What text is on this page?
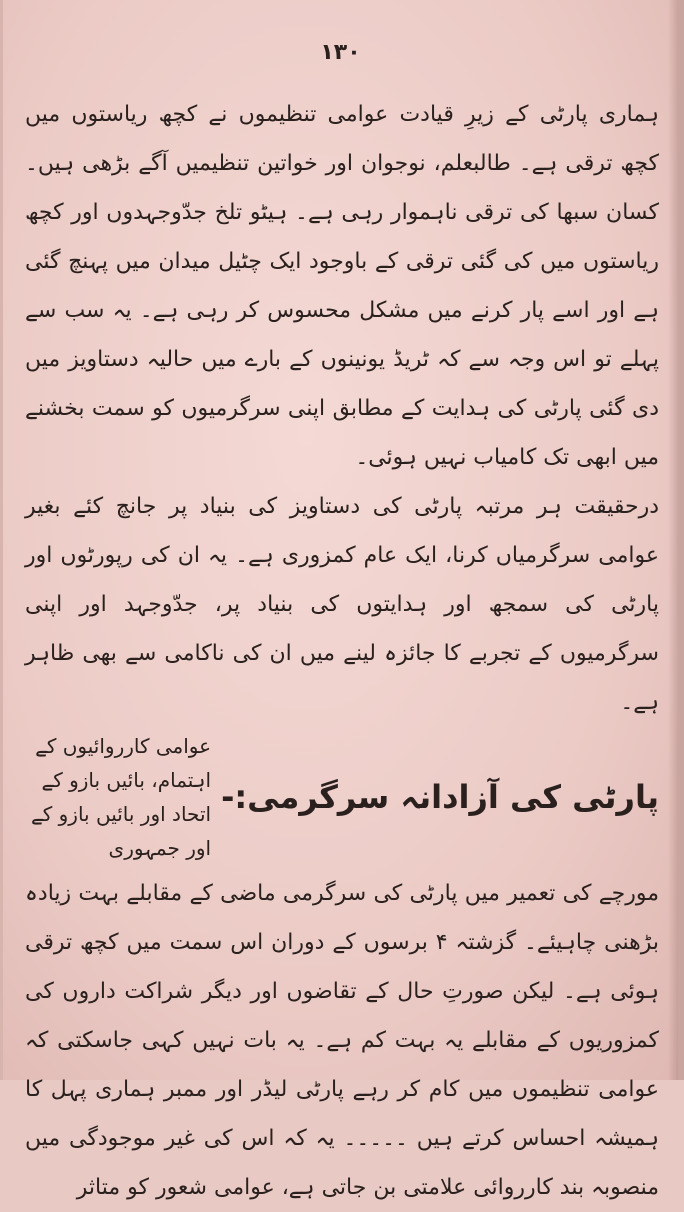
١٣٠

ہماری پارٹی کے زیرِ قیادت عوامی تنظیموں نے کچھ ریاستوں میں کچھ ترقی ہے۔ طالبعلم، نوجوان اور خواتین تنظیمیں آگے بڑھی ہیں۔ کسان سبھا کی ترقی ناہموار رہی ہے۔ ہیٹو تلخ جدّوجہدوں اور کچھ ریاستوں میں کی گئی ترقی کے باوجود ایک چٹیل میدان میں پہنچ گئی ہے اور اسے پار کرنے میں مشکل محسوس کر رہی ہے۔ یہ سب سے پہلے تو اس وجہ سے کہ ٹریڈ یونینوں کے بارے میں حالیہ دستاویز میں دی گئی پارٹی کی ہدایت کے مطابق اپنی سرگرمیوں کو سمت بخشنے میں ابھی تک کامیاب نہیں ہوئی۔

درحقیقت ہر مرتبہ پارٹی کی دستاویز کی بنیاد پر جانچ کئے بغیر عوامی سرگرمیاں کرنا، ایک عام کمزوری ہے۔ یہ ان کی رپورٹوں اور پارٹی کی سمجھ اور ہدایتوں کی بنیاد پر، جدّوجہد اور اپنی سرگرمیوں کے تجربے کا جائزہ لینے میں ان کی ناکامی سے بھی ظاہر ہے۔

پارٹی کی آزادانہ سرگرمی:-
عوامی کارروائیوں کے اہتمام، بائیں بازو کے اتحاد اور بائیں بازو کے اور جمہوری

مورچے کی تعمیر میں پارٹی کی سرگرمی ماضی کے مقابلے بہت زیادہ بڑھنی چاہیئے۔ گزشتہ ۴ برسوں کے دوران اس سمت میں کچھ ترقی ہوئی ہے۔ لیکن صورتِ حال کے تقاضوں اور دیگر شراکت داروں کی کمزوریوں کے مقابلے یہ بہت کم ہے۔ یہ بات نہیں کہی جاسکتی کہ عوامی تنظیموں میں کام کر رہے پارٹی لیڈر اور ممبر ہماری پہل کا ہمیشہ احساس کرتے ہیں ۔۔۔۔۔ یہ کہ اس کی غیر موجودگی میں منصوبہ بند کارروائی علامتی بن جاتی ہے، عوامی شعور کو متاثر
